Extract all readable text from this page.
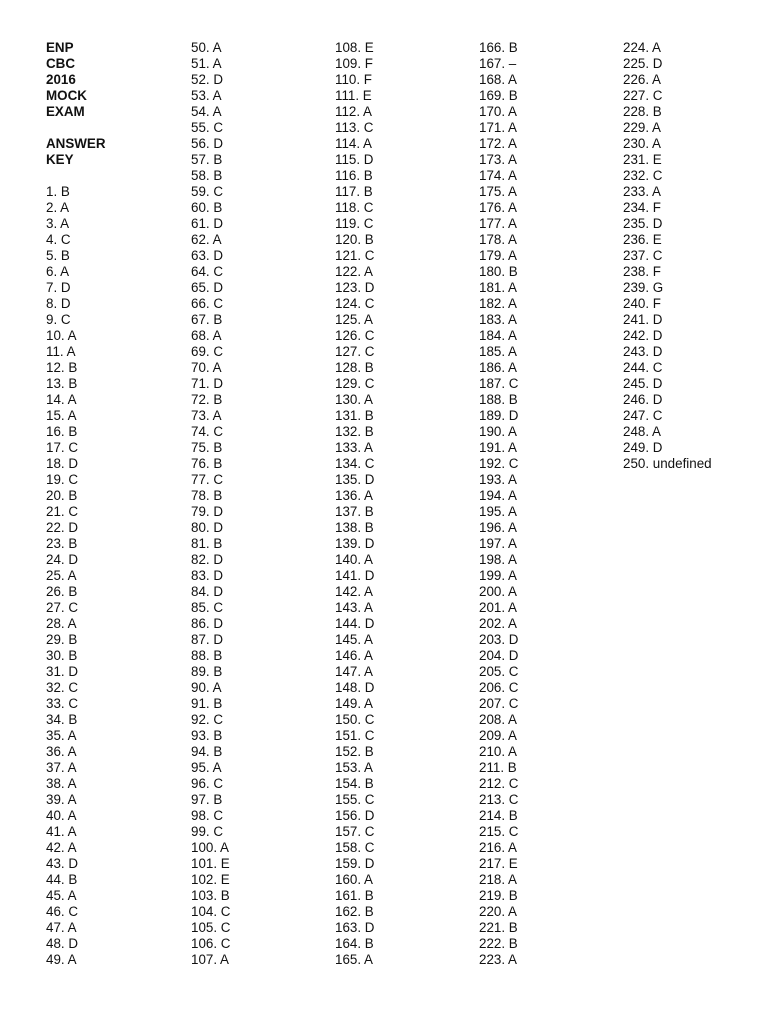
ENP
CBC
2016
MOCK
EXAM

ANSWER
KEY

1. B
2. A
3. A
4. C
5. B
6. A
7. D
8. D
9. C
10. A
11. A
12. B
13. B
14. A
15. A
16. B
17. C
18. D
19. C
20. B
21. C
22. D
23. B
24. D
25. A
26. B
27. C
28. A
29. B
30. B
31. D
32. C
33. C
34. B
35. A
36. A
37. A
38. A
39. A
40. A
41. A
42. A
43. D
44. B
45. A
46. C
47. A
48. D
49. A
50. A
51. A
52. D
53. A
54. A
55. C
56. D
57. B
58. B
59. C
60. B
61. D
62. A
63. D
64. C
65. D
66. C
67. B
68. A
69. C
70. A
71. D
72. B
73. A
74. C
75. B
76. B
77. C
78. B
79. D
80. D
81. B
82. D
83. D
84. D
85. C
86. D
87. D
88. B
89. B
90. A
91. B
92. C
93. B
94. B
95. A
96. C
97. B
98. C
99. C
100. A
101. E
102. E
103. B
104. C
105. C
106. C
107. A
108. E
109. F
110. F
111. E
112. A
113. C
114. A
115. D
116. B
117. B
118. C
119. C
120. B
121. C
122. A
123. D
124. C
125. A
126. C
127. C
128. B
129. C
130. A
131. B
132. B
133. A
134. C
135. D
136. A
137. B
138. B
139. D
140. A
141. D
142. A
143. A
144. D
145. A
146. A
147. A
148. D
149. A
150. C
151. C
152. B
153. A
154. B
155. C
156. D
157. C
158. C
159. D
160. A
161. B
162. B
163. D
164. B
165. A
166. B
167. –
168. A
169. B
170. A
171. A
172. A
173. A
174. A
175. A
176. A
177. A
178. A
179. A
180. B
181. A
182. A
183. A
184. A
185. A
186. A
187. C
188. B
189. D
190. A
191. A
192. C
193. A
194. A
195. A
196. A
197. A
198. A
199. A
200. A
201. A
202. A
203. D
204. D
205. C
206. C
207. C
208. A
209. A
210. A
211. B
212. C
213. C
214. B
215. C
216. A
217. E
218. A
219. B
220. A
221. B
222. B
223. A
224. A
225. D
226. A
227. C
228. B
229. A
230. A
231. E
232. C
233. A
234. F
235. D
236. E
237. C
238. F
239. G
240. F
241. D
242. D
243. D
244. C
245. D
246. D
247. C
248. A
249. D
250. undefined
